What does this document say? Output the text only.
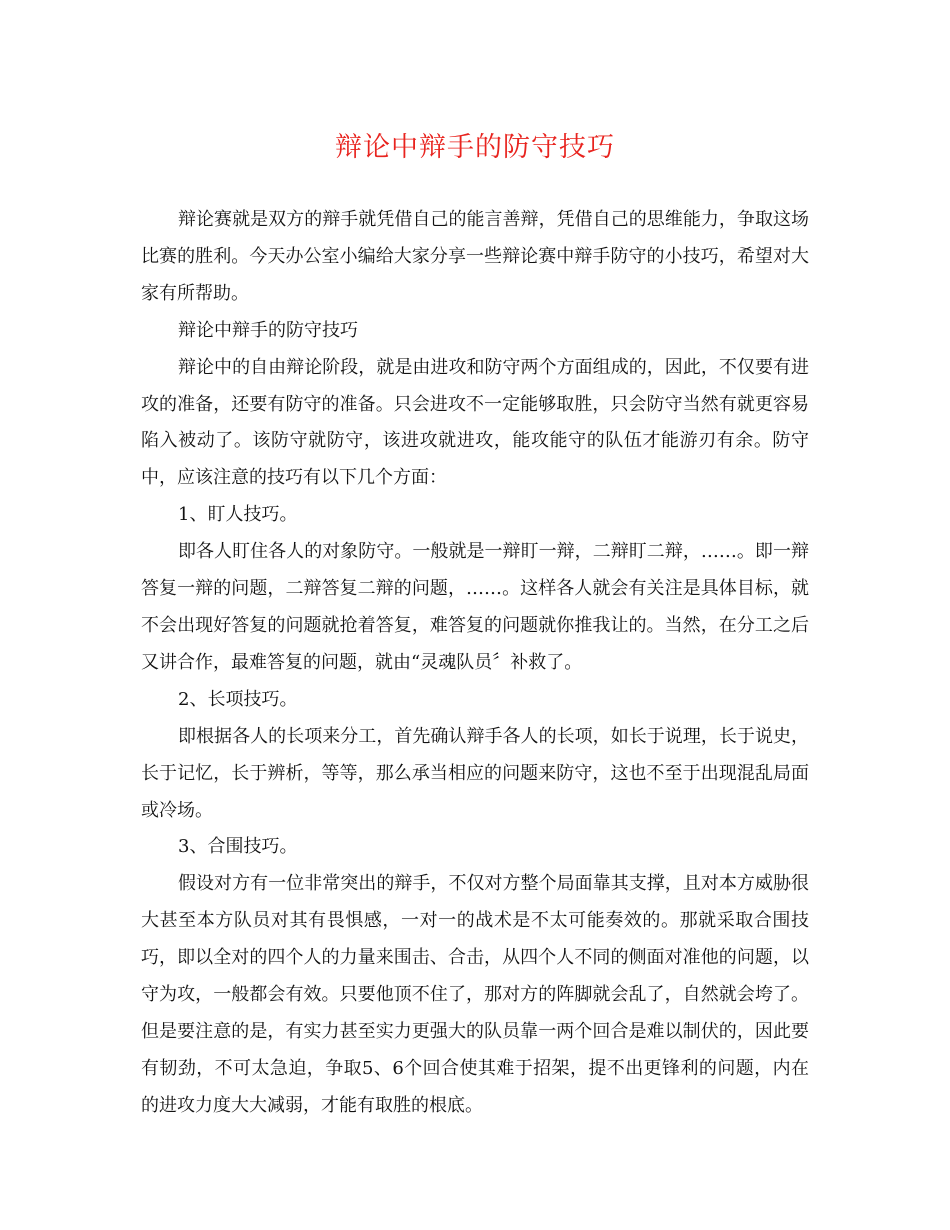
辩论中辩手的防守技巧

辩论赛就是双方的辩手就凭借自己的能言善辩，凭借自己的思维能力，争取这场比赛的胜利。今天办公室小编给大家分享一些辩论赛中辩手防守的小技巧，希望对大家有所帮助。

辩论中辩手的防守技巧

辩论中的自由辩论阶段，就是由进攻和防守两个方面组成的，因此，不仅要有进攻的准备，还要有防守的准备。只会进攻不一定能够取胜，只会防守当然有就更容易陷入被动了。该防守就防守，该进攻就进攻，能攻能守的队伍才能游刃有余。防守中，应该注意的技巧有以下几个方面：

1、盯人技巧。

即各人盯住各人的对象防守。一般就是一辩盯一辩，二辩盯二辩，……。即一辩答复一辩的问题，二辩答复二辩的问题，……。这样各人就会有关注是具体目标，就不会出现好答复的问题就抢着答复，难答复的问题就你推我让的。当然，在分工之后又讲合作，最难答复的问题，就由“灵魂队员〞补救了。

2、长项技巧。

即根据各人的长项来分工，首先确认辩手各人的长项，如长于说理，长于说史，长于记忆，长于辨析，等等，那么承当相应的问题来防守，这也不至于出现混乱局面或冷场。

3、合围技巧。

假设对方有一位非常突出的辩手，不仅对方整个局面靠其支撑，且对本方威胁很大甚至本方队员对其有畏惧感，一对一的战术是不太可能奏效的。那就采取合围技巧，即以全对的四个人的力量来围击、合击，从四个人不同的侧面对准他的问题，以守为攻，一般都会有效。只要他顶不住了，那对方的阵脚就会乱了，自然就会垮了。但是要注意的是，有实力甚至实力更强大的队员靠一两个回合是难以制伏的，因此要有韧劲，不可太急迫，争取5、6个回合使其难于招架，提不出更锋利的问题，内在的进攻力度大大减弱，才能有取胜的根底。
